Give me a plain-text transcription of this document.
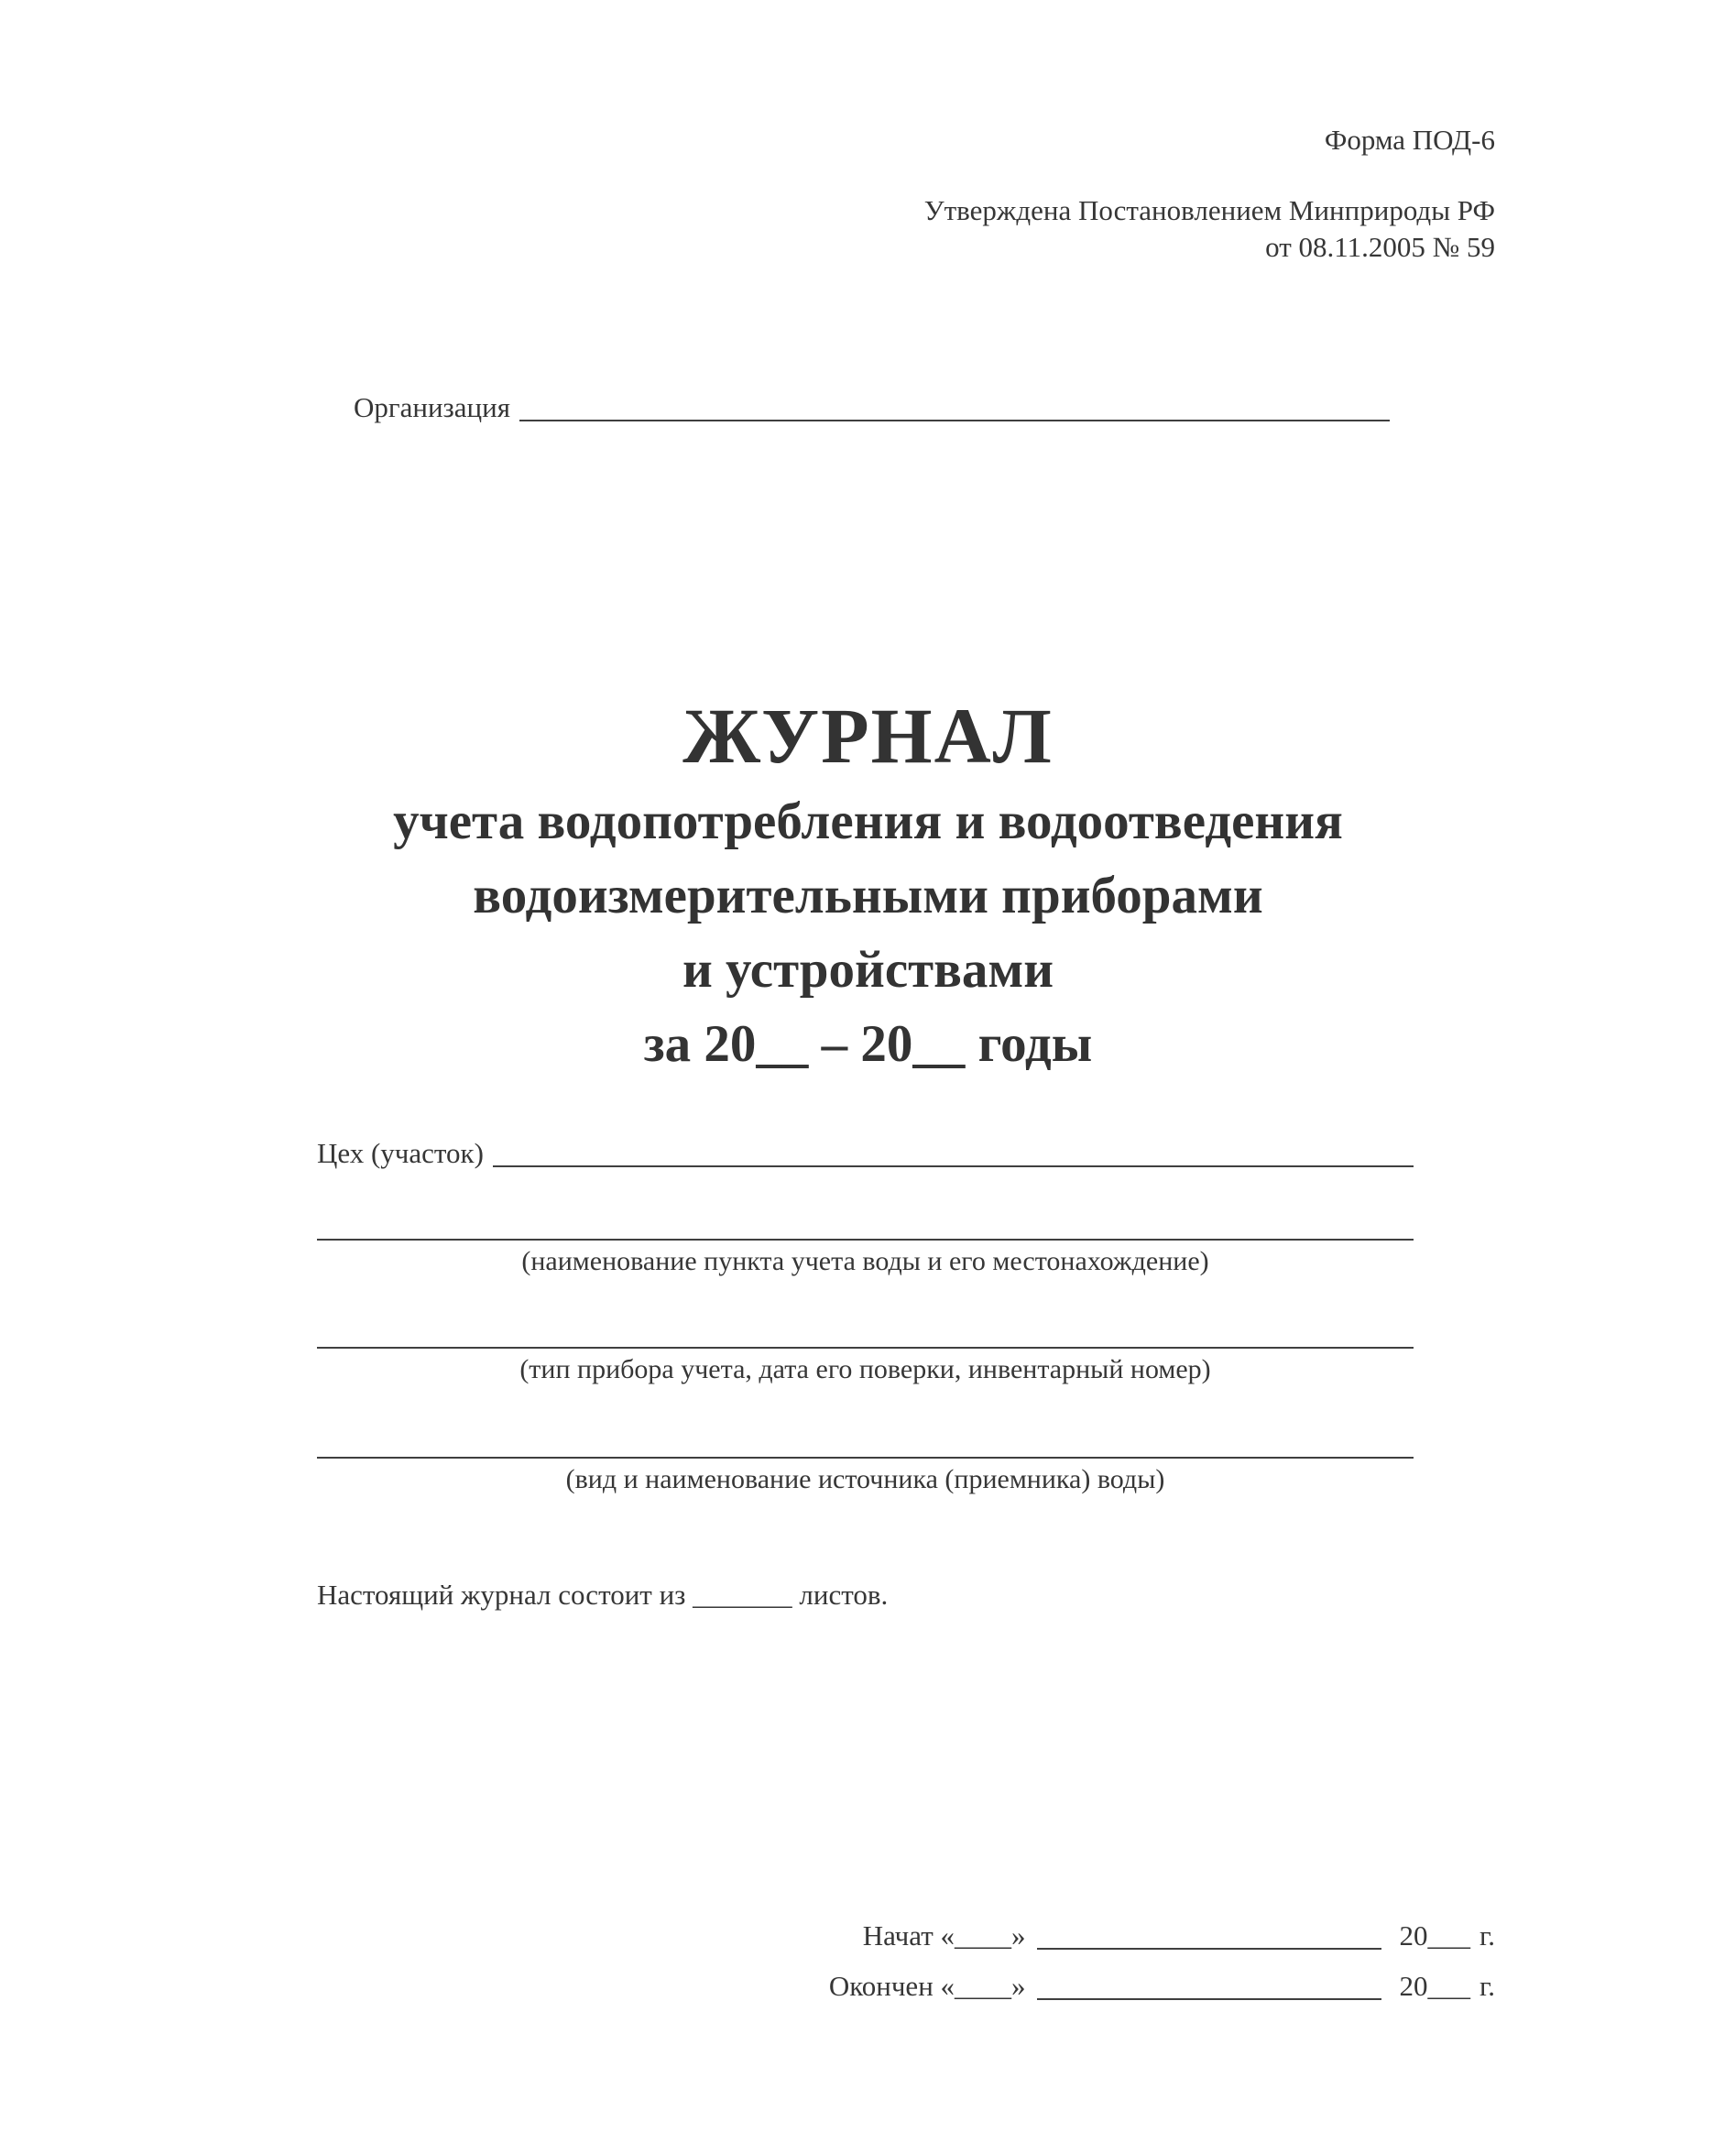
Форма ПОД-6
Утверждена Постановлением Минприроды РФ
от 08.11.2005 № 59
Организация
ЖУРНАЛ
учета водопотребления и водоотведения
водоизмерительными приборами
и устройствами
за 20__ – 20__ годы
Цех (участок)
(наименование пункта учета воды и его местонахождение)
(тип прибора учета, дата его поверки, инвентарный номер)
(вид и наименование источника (приемника) воды)
Настоящий журнал состоит из _______ листов.
Начат «____»	20___ г.
Окончен «____»	20___ г.
